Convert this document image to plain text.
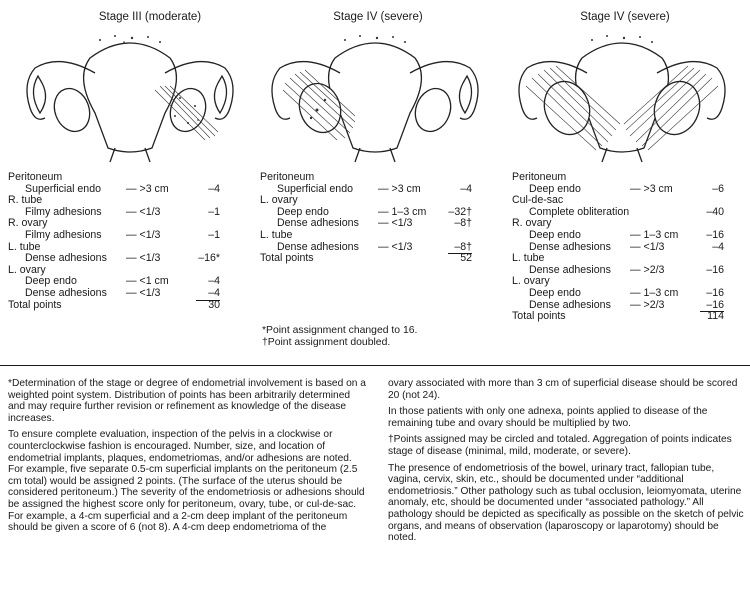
Stage III (moderate)	Stage IV (severe)	Stage IV (severe)
Peritoneum
Superficial endo — >3 cm	–4
R. tube
Filmy adhesions — <1/3	–1
R. ovary
Filmy adhesions — <1/3	–1
L. tube
Dense adhesions — <1/3	–16*
L. ovary
Deep endo	— <1 cm	–4
Dense adhesions — <1/3	–4
Total points	30
Peritoneum
Superficial endo — >3 cm	–4
L. ovary
Deep endo	— 1–3 cm –32†
Dense adhesions — <1/3	–8†
L. tube
Dense adhesions — <1/3	–8†
Total points	52
Peritoneum
Deep endo	— >3 cm	–6
Cul-de-sac
Complete obliteration	–40
R. ovary
Deep endo	— 1–3 cm	–16
Dense adhesions — <1/3	–4
L. tube
Dense adhesions — >2/3	–16
L. ovary
Deep endo	— 1–3 cm	–16
Dense adhesions — >2/3	–16
Total points	114
*Point assignment changed to 16.
†Point assignment doubled.

*Determination of the stage or degree of endometrial involvement is based on a weighted point system. Distribution of points has been arbitrarily determined and may require further revision or refinement as knowledge of the disease increases.

To ensure complete evaluation, inspection of the pelvis in a clockwise or counterclockwise fashion is encouraged. Number, size, and location of endometrial implants, plaques, endometriomas, and/or adhesions are noted. For example, five separate 0.5-cm superficial implants on the peritoneum (2.5 cm total) would be assigned 2 points. (The surface of the uterus should be considered peritoneum.) The severity of the endometriosis or adhesions should be assigned the highest score only for peritoneum, ovary, tube, or cul-de-sac. For example, a 4-cm superficial and a 2-cm deep implant of the peritoneum should be given a score of 6 (not 8). A 4-cm deep endometrioma of the

ovary associated with more than 3 cm of superficial disease should be scored 20 (not 24).

In those patients with only one adnexa, points applied to disease of the remaining tube and ovary should be multiplied by two.

†Points assigned may be circled and totaled. Aggregation of points indicates stage of disease (minimal, mild, moderate, or severe).

The presence of endometriosis of the bowel, urinary tract, fallopian tube, vagina, cervix, skin, etc., should be documented under “additional endometriosis.” Other pathology such as tubal occlusion, leiomyomata, uterine anomaly, etc, should be documented under “associated pathology.” All pathology should be depicted as specifically as possible on the sketch of pelvic organs, and means of observation (laparoscopy or laparotomy) should be noted.
